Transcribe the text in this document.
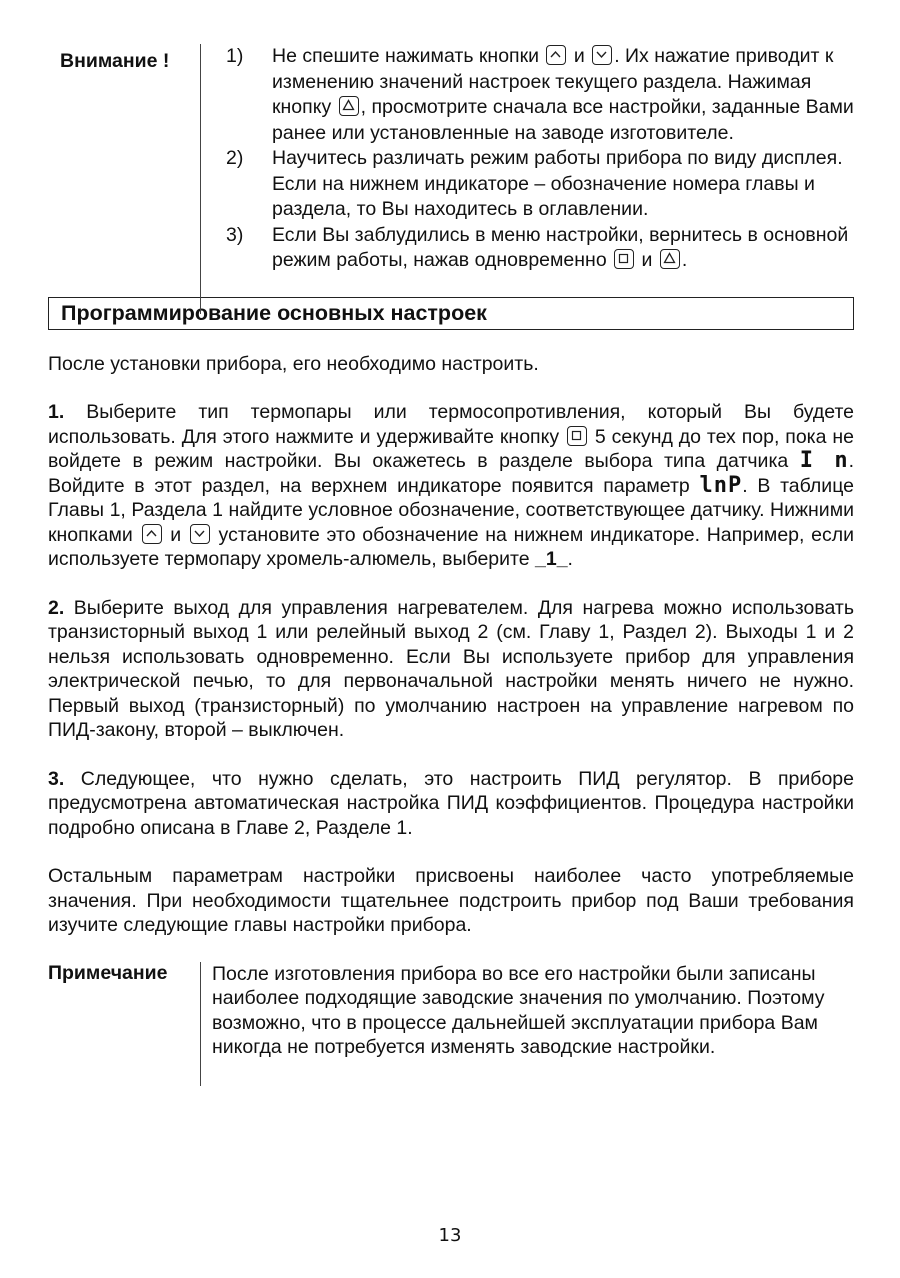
Внимание !	1)	Не спешите нажимать кнопки
и
. Их нажатие приводит к изменению значений настроек текущего раздела. Нажимая кнопку
, просмотрите сначала все настройки, заданные Вами ранее или установленные на заводе изготовителе.
2)	Научитесь различать режим работы прибора по виду дисплея. Если на нижнем индикаторе – обозначение номера главы и раздела, то Вы находитесь в оглавлении.
3)	Если Вы заблудились в меню настройки, вернитесь в основной режим работы, нажав одновременно
и
.
Программирование основных настроек

После установки прибора, его необходимо настроить.

1. Выберите тип термопары или термосопротивления, который Вы будете использовать. Для этого нажмите и удерживайте кнопку
5 секунд до тех пор, пока не войдете в режим настройки. Вы окажетесь в разделе выбора типа датчика I n. Войдите в этот раздел, на верхнем индикаторе появится параметр lnP. В таблице Главы 1, Раздела 1 найдите условное обозначение, соответствующее датчику. Нижними кнопками
и
установите это обозначение на нижнем индикаторе. Например, если используете термопару хромель-алюмель, выберите _1_.

2. Выберите выход для управления нагревателем. Для нагрева можно использовать транзисторный выход 1 или релейный выход 2 (см. Главу 1, Раздел 2). Выходы 1 и 2 нельзя использовать одновременно. Если Вы используете прибор для управления электрической печью, то для первоначальной настройки менять ничего не нужно. Первый выход (транзисторный) по умолчанию настроен на управление нагревом по ПИД-закону, второй – выключен.

3. Следующее, что нужно сделать, это настроить ПИД регулятор. В приборе предусмотрена автоматическая настройка ПИД коэффициентов. Процедура настройки подробно описана в Главе 2, Разделе 1.

Остальным параметрам настройки присвоены наиболее часто употребляемые значения. При необходимости тщательнее подстроить прибор под Ваши требования изучите следующие главы настройки прибора.

Примечание	После изготовления прибора во все его настройки были записаны наиболее подходящие заводские значения по умолчанию. Поэтому возможно, что в процессе дальнейшей эксплуатации прибора Вам никогда не потребуется изменять заводские настройки.
13
